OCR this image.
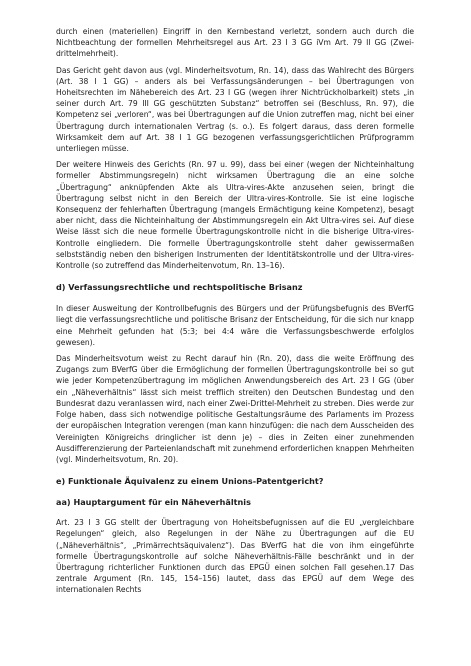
durch einen (materiellen) Eingriff in den Kernbestand verletzt, sondern auch durch die Nichtbeachtung der formellen Mehrheitsregel aus Art. 23 I 3 GG iVm Art. 79 II GG (Zwei-drittelmehrheit).

Das Gericht geht davon aus (vgl. Minderheitsvotum, Rn. 14), dass das Wahlrecht des Bürgers (Art. 38 I 1 GG) – anders als bei Verfassungsänderungen – bei Übertragungen von Hoheitsrechten im Nähebereich des Art. 23 I GG (wegen ihrer Nichtrückholbarkeit) stets „in seiner durch Art. 79 III GG geschützten Substanz“ betroffen sei (Beschluss, Rn. 97), die Kompetenz sei „verloren“, was bei Übertragungen auf die Union zutreffen mag, nicht bei einer Übertragung durch internationalen Vertrag (s. o.). Es folgert daraus, dass deren formelle Wirksamkeit dem auf Art. 38 I 1 GG bezogenen verfassungsgerichtlichen Prüfprogramm unterliegen müsse.

Der weitere Hinweis des Gerichts (Rn. 97 u. 99), dass bei einer (wegen der Nichteinhaltung formeller Abstimmungsregeln) nicht wirksamen Übertragung die an eine solche „Übertragung“ anknüpfenden Akte als Ultra-vires-Akte anzusehen seien, bringt die Übertragung selbst nicht in den Bereich der Ultra-vires-Kontrolle. Sie ist eine logische Konsequenz der fehlerhaften Übertragung (mangels Ermächtigung keine Kompetenz), besagt aber nicht, dass die Nichteinhaltung der Abstimmungsregeln ein Akt Ultra-vires sei. Auf diese Weise lässt sich die neue formelle Übertragungskontrolle nicht in die bisherige Ultra-vires-Kontrolle eingliedern. Die formelle Übertragungskontrolle steht daher gewissermaßen selbstständig neben den bisherigen Instrumenten der Identitätskontrolle und der Ultra-vires-Kontrolle (so zutreffend das Minderheitenvotum, Rn. 13–16).

d) Verfassungsrechtliche und rechtspolitische Brisanz

In dieser Ausweitung der Kontrollbefugnis des Bürgers und der Prüfungsbefugnis des BVerfG liegt die verfassungsrechtliche und politische Brisanz der Entscheidung, für die sich nur knapp eine Mehrheit gefunden hat (5:3; bei 4:4 wäre die Verfassungsbeschwerde erfolglos gewesen).

Das Minderheitsvotum weist zu Recht darauf hin (Rn. 20), dass die weite Eröffnung des Zugangs zum BVerfG über die Ermöglichung der formellen Übertragungskontrolle bei so gut wie jeder Kompetenzübertragung im möglichen Anwendungsbereich des Art. 23 I GG (über ein „Näheverhältnis“ lässt sich meist trefflich streiten) den Deutschen Bundestag und den Bundesrat dazu veranlassen wird, nach einer Zwei-Drittel-Mehrheit zu streben. Dies werde zur Folge haben, dass sich notwendige politische Gestaltungsräume des Parlaments im Prozess der europäischen Integration verengen (man kann hinzufügen: die nach dem Ausscheiden des Vereinigten Königreichs dringlicher ist denn je) – dies in Zeiten einer zunehmenden Ausdifferenzierung der Parteienlandschaft mit zunehmend erforderlichen knappen Mehrheiten (vgl. Minderheitsvotum, Rn. 20).

e) Funktionale Äquivalenz zu einem Unions-Patentgericht?
aa) Hauptargument für ein Näheverhältnis

Art. 23 I 3 GG stellt der Übertragung von Hoheitsbefugnissen auf die EU „vergleichbare Regelungen“ gleich, also Regelungen in der Nähe zu Übertragungen auf die EU („Näheverhältnis“, „Primärrechtsäquivalenz“). Das BVerfG hat die von ihm eingeführte formelle Übertragungskontrolle auf solche Näheverhältnis-Fälle beschränkt und in der Übertragung richterlicher Funktionen durch das EPGÜ einen solchen Fall gesehen.17 Das zentrale Argument (Rn. 145, 154–156) lautet, dass das EPGÜ auf dem Wege des internationalen Rechts
